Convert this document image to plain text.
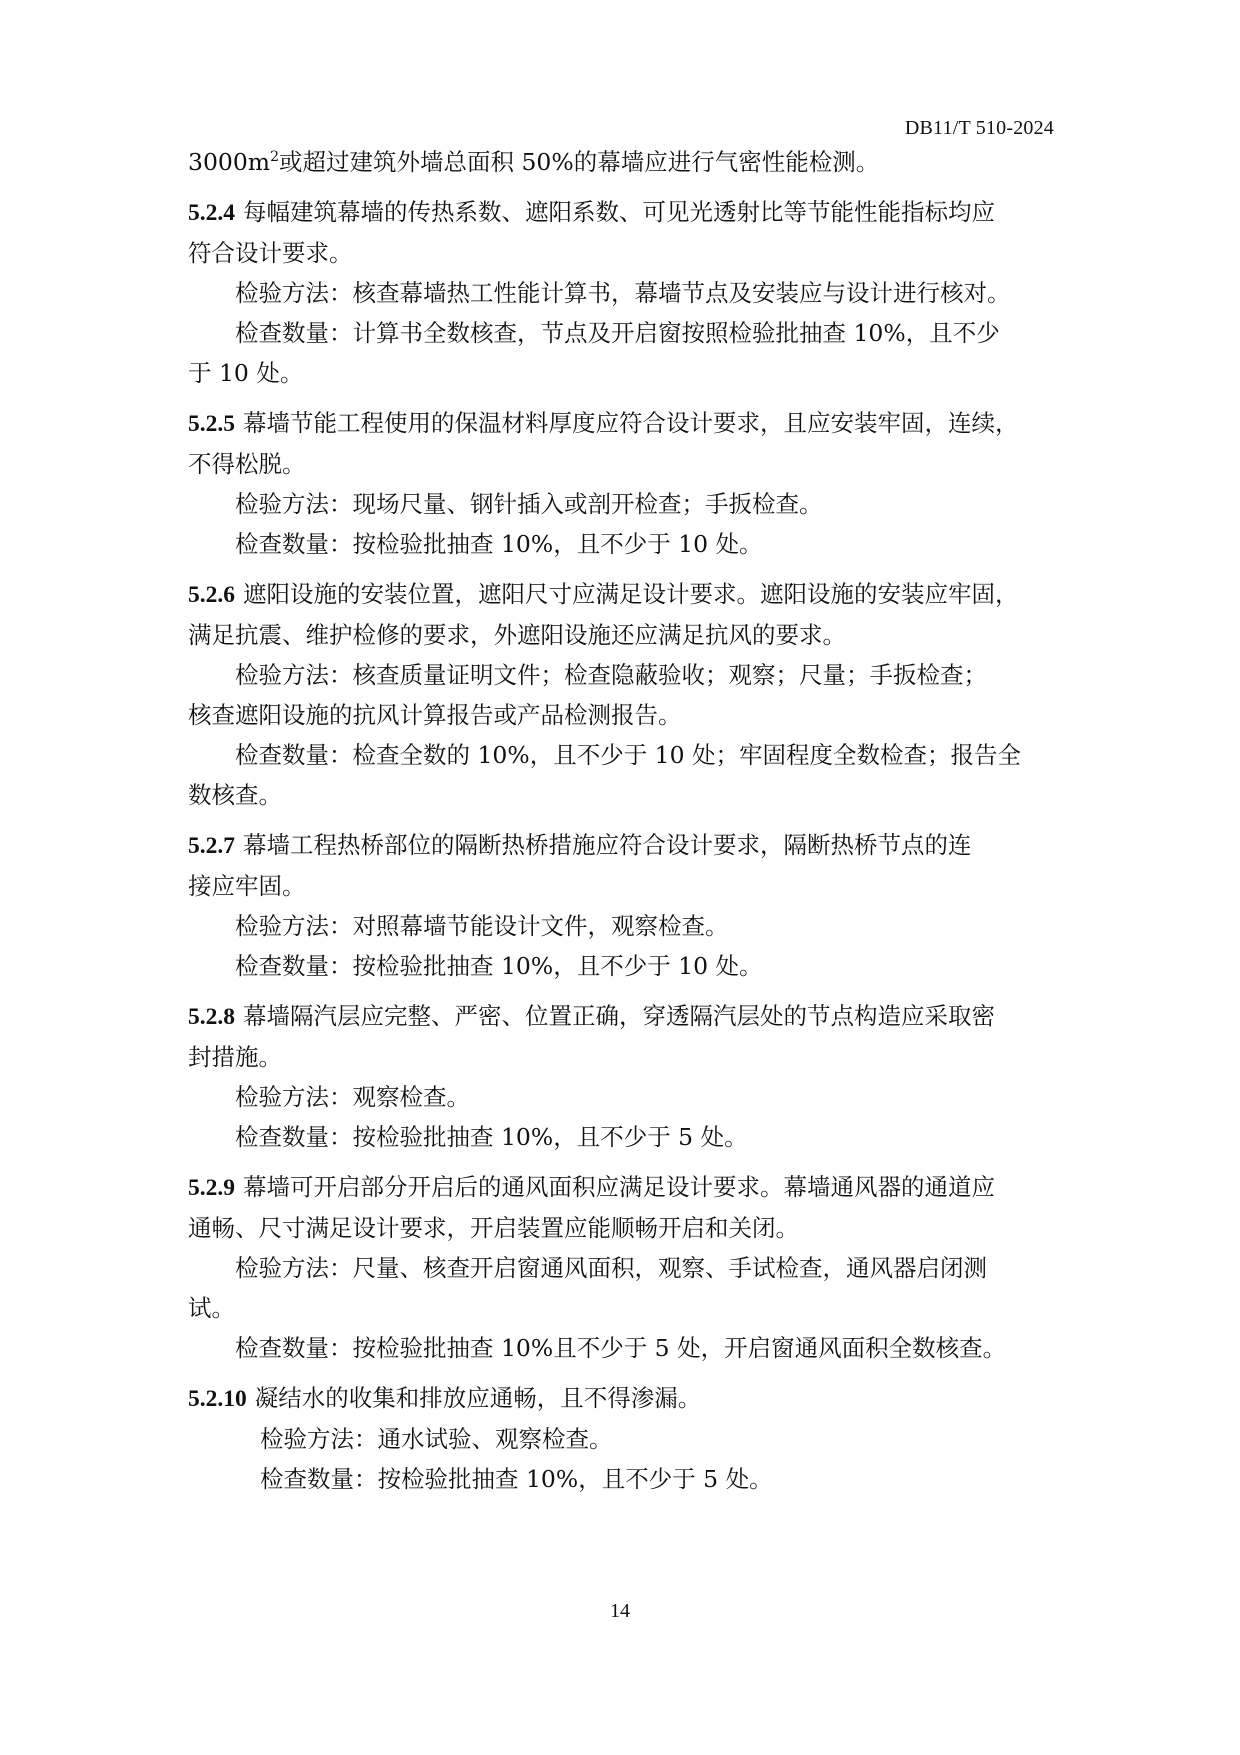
DB11/T 510-2024

$3000m^2$或超过建筑外墙总面积 50%的幕墙应进行气密性能检测。

5.2.4 每幅建筑幕墙的传热系数、遮阳系数、可见光透射比等节能性能指标均应

符合设计要求。

检验方法：核查幕墙热工性能计算书，幕墙节点及安装应与设计进行核对。

检查数量：计算书全数核查，节点及开启窗按照检验批抽查 10%，且不少

于 10 处。

5.2.5 幕墙节能工程使用的保温材料厚度应符合设计要求，且应安装牢固，连续，

不得松脱。

检验方法：现场尺量、钢针插入或剖开检查；手扳检查。

检查数量：按检验批抽查 10%，且不少于 10 处。

5.2.6 遮阳设施的安装位置，遮阳尺寸应满足设计要求。遮阳设施的安装应牢固，

满足抗震、维护检修的要求，外遮阳设施还应满足抗风的要求。

检验方法：核查质量证明文件；检查隐蔽验收；观察；尺量；手扳检查；

核查遮阳设施的抗风计算报告或产品检测报告。

检查数量：检查全数的 10%，且不少于 10 处；牢固程度全数检查；报告全

数核查。

5.2.7 幕墙工程热桥部位的隔断热桥措施应符合设计要求，隔断热桥节点的连

接应牢固。

检验方法：对照幕墙节能设计文件，观察检查。

检查数量：按检验批抽查 10%，且不少于 10 处。

5.2.8 幕墙隔汽层应完整、严密、位置正确，穿透隔汽层处的节点构造应采取密

封措施。

检验方法：观察检查。

检查数量：按检验批抽查 10%，且不少于 5 处。

5.2.9 幕墙可开启部分开启后的通风面积应满足设计要求。幕墙通风器的通道应

通畅、尺寸满足设计要求，开启装置应能顺畅开启和关闭。

检验方法：尺量、核查开启窗通风面积，观察、手试检查，通风器启闭测

试。

检查数量：按检验批抽查 10%且不少于 5 处，开启窗通风面积全数核查。

5.2.10 凝结水的收集和排放应通畅，且不得渗漏。

检验方法：通水试验、观察检查。

检查数量：按检验批抽查 10%，且不少于 5 处。

14
